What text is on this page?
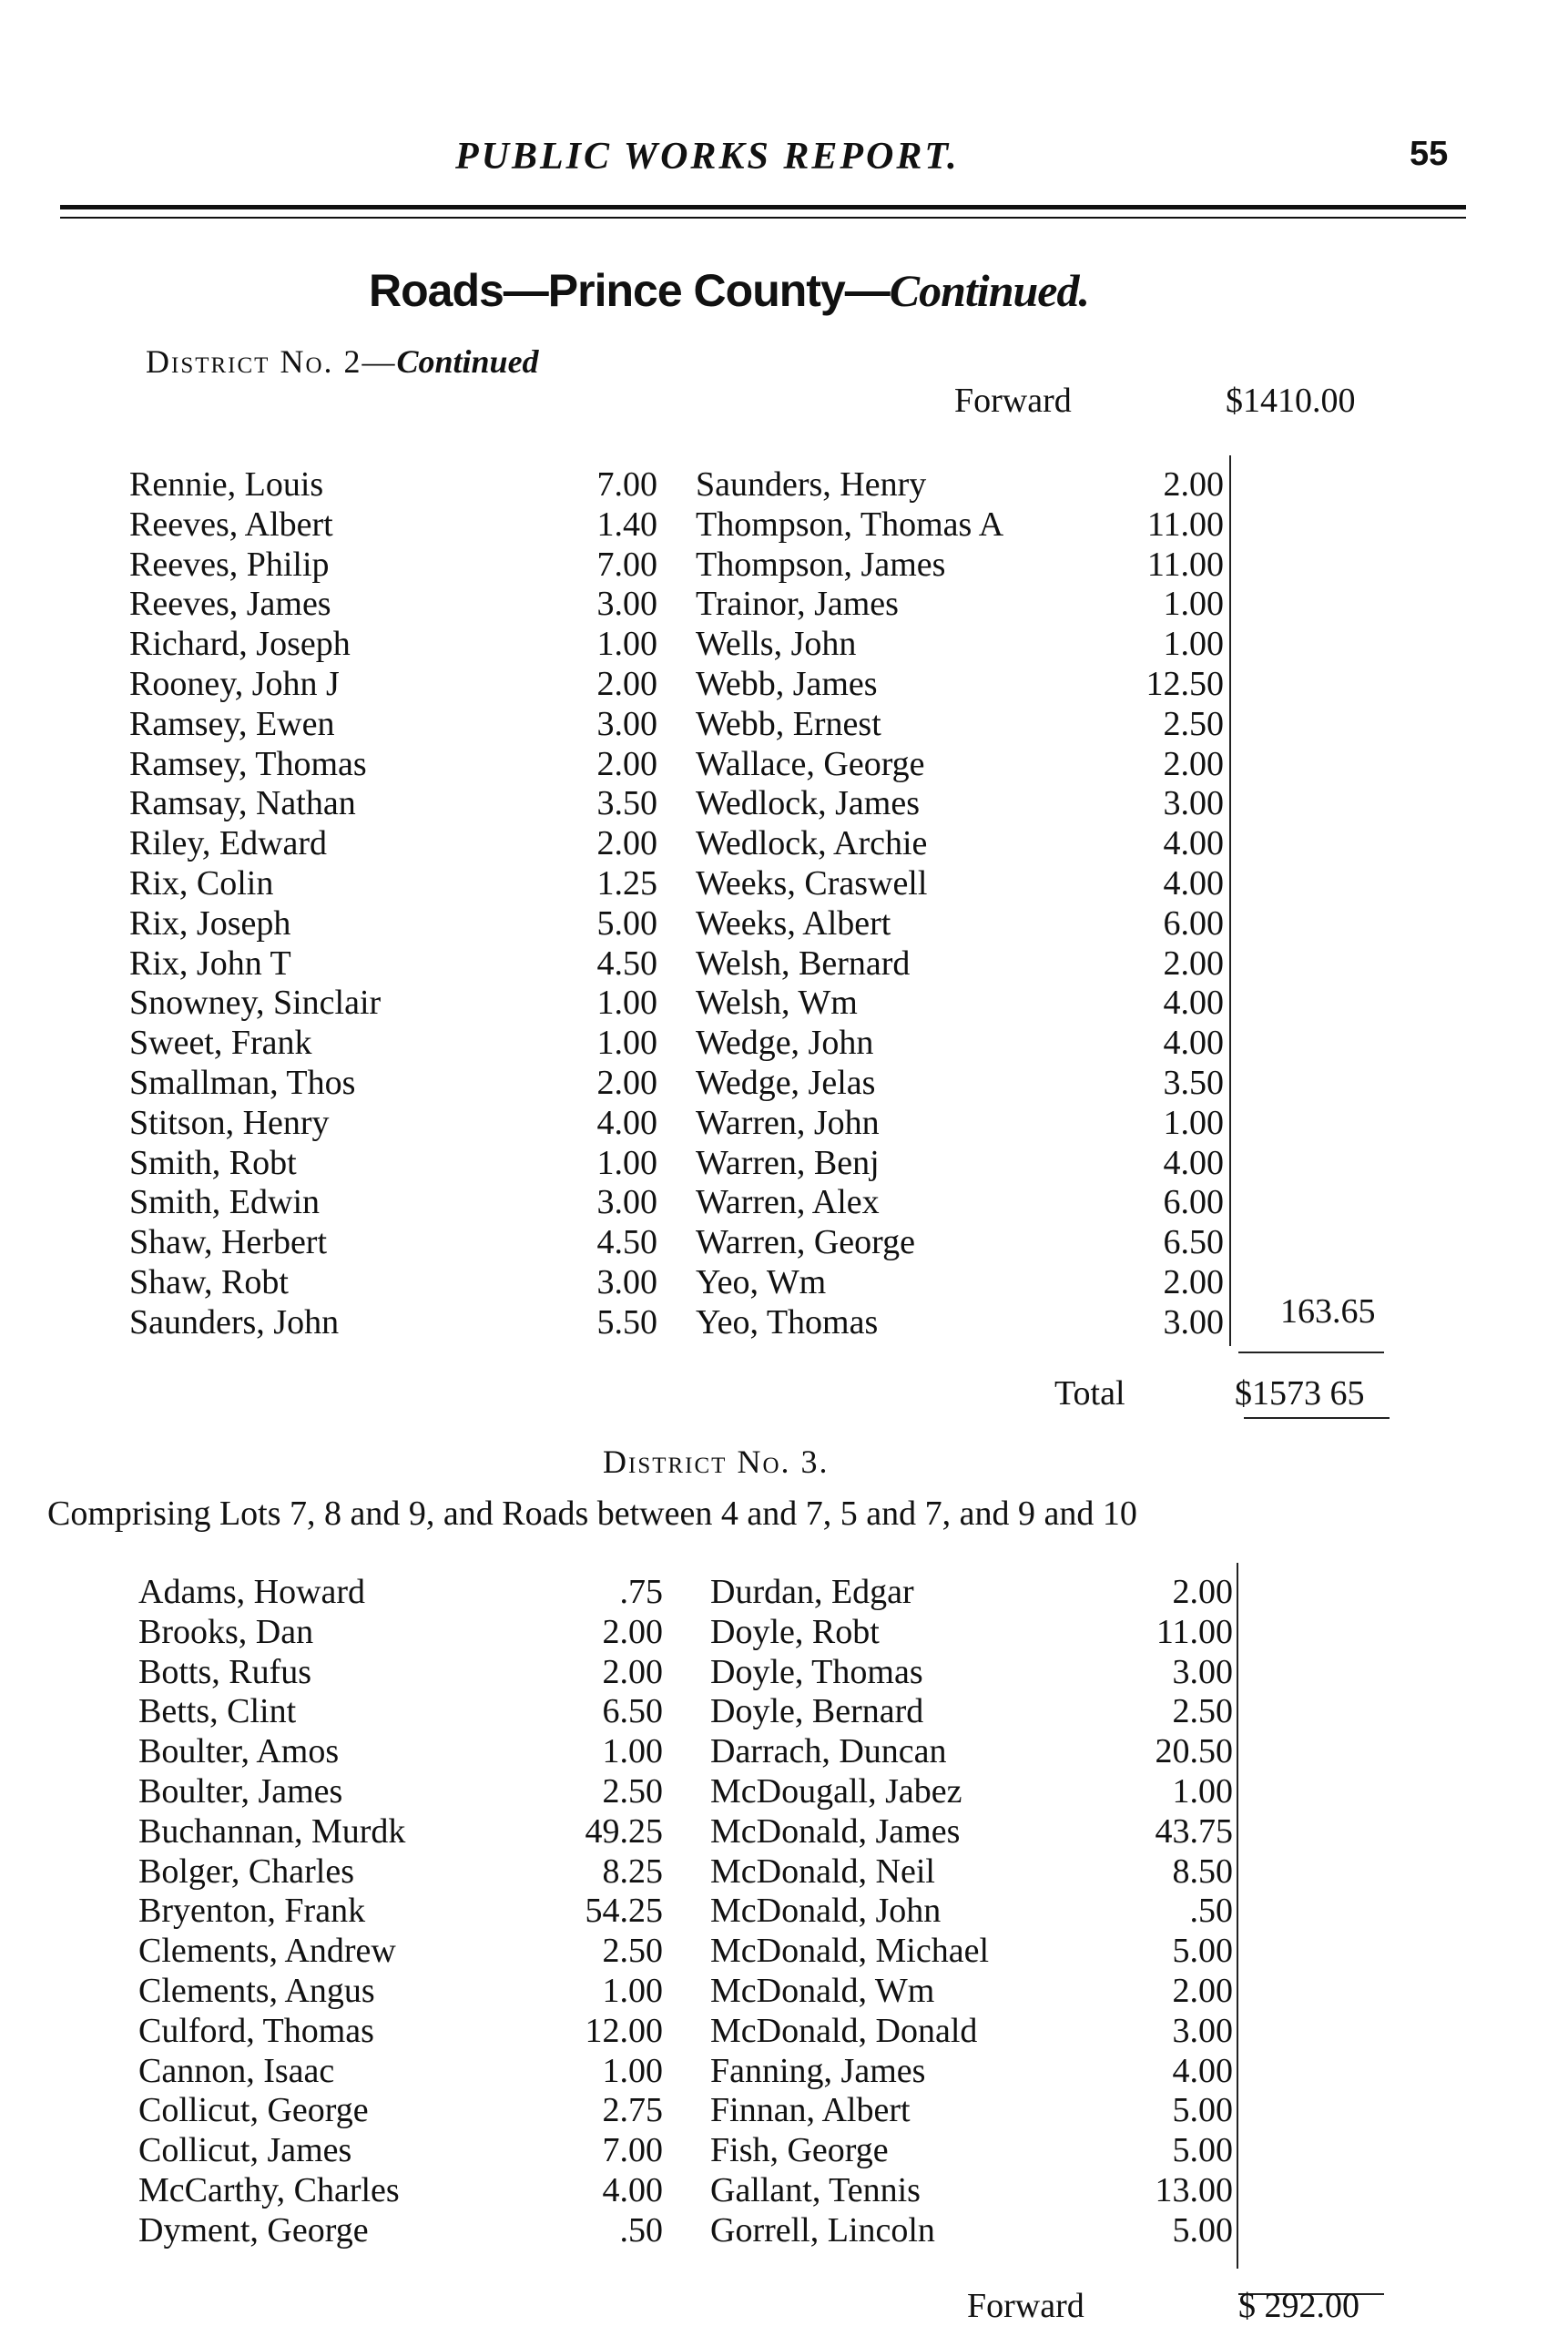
PUBLIC WORKS REPORT.	55
Roads—Prince County—Continued.
District No. 2—Continued
Forward	$1410.00
Rennie, Louis	7.00 Saunders, Henry	2.00
Reeves, Albert	1.40 Thompson, Thomas A	11.00
Reeves, Philip	7.00 Thompson, James	11.00
Reeves, James	3.00 Trainor, James	1.00
Richard, Joseph	1.00 Wells, John	1.00
Rooney, John J	2.00 Webb, James	12.50
Ramsey, Ewen	3.00 Webb, Ernest	2.50
Ramsey, Thomas	2.00 Wallace, George	2.00
Ramsay, Nathan	3.50 Wedlock, James	3.00
Riley, Edward	2.00 Wedlock, Archie	4.00
Rix, Colin	1.25 Weeks, Craswell	4.00
Rix, Joseph	5.00 Weeks, Albert	6.00
Rix, John T	4.50 Welsh, Bernard	2.00
Snowney, Sinclair	1.00 Welsh, Wm	4.00
Sweet, Frank	1.00 Wedge, John	4.00
Smallman, Thos	2.00 Wedge, Jelas	3.50
Stitson, Henry	4.00 Warren, John	1.00
Smith, Robt	1.00 Warren, Benj	4.00
Smith, Edwin	3.00 Warren, Alex	6.00
Shaw, Herbert	4.50 Warren, George	6.50
Shaw, Robt	3.00 Yeo, Wm	2.00
Saunders, John	5.50 Yeo, Thomas	3.00 163.65
Total	$1573 65
District No. 3.
Comprising Lots 7, 8 and 9, and Roads between 4 and 7, 5 and 7, and 9 and 10
Adams, Howard	.75 Durdan, Edgar	2.00
Brooks, Dan	2.00 Doyle, Robt	11.00
Botts, Rufus	2.00 Doyle, Thomas	3.00
Betts, Clint	6.50 Doyle, Bernard	2.50
Boulter, Amos	1.00 Darrach, Duncan	20.50
Boulter, James	2.50 McDougall, Jabez	1.00
Buchannan, Murdk	49.25 McDonald, James	43.75
Bolger, Charles	8.25 McDonald, Neil	8.50
Bryenton, Frank	54.25 McDonald, John	.50
Clements, Andrew	2.50 McDonald, Michael	5.00
Clements, Angus	1.00 McDonald, Wm	2.00
Culford, Thomas	12.00 McDonald, Donald	3.00
Cannon, Isaac	1.00 Fanning, James	4.00
Collicut, George	2.75 Finnan, Albert	5.00
Collicut, James	7.00 Fish, George	5.00
McCarthy, Charles	4.00 Gallant, Tennis	13.00
Dyment, George	.50 Gorrell, Lincoln	5.00
Forward	$ 292.00
